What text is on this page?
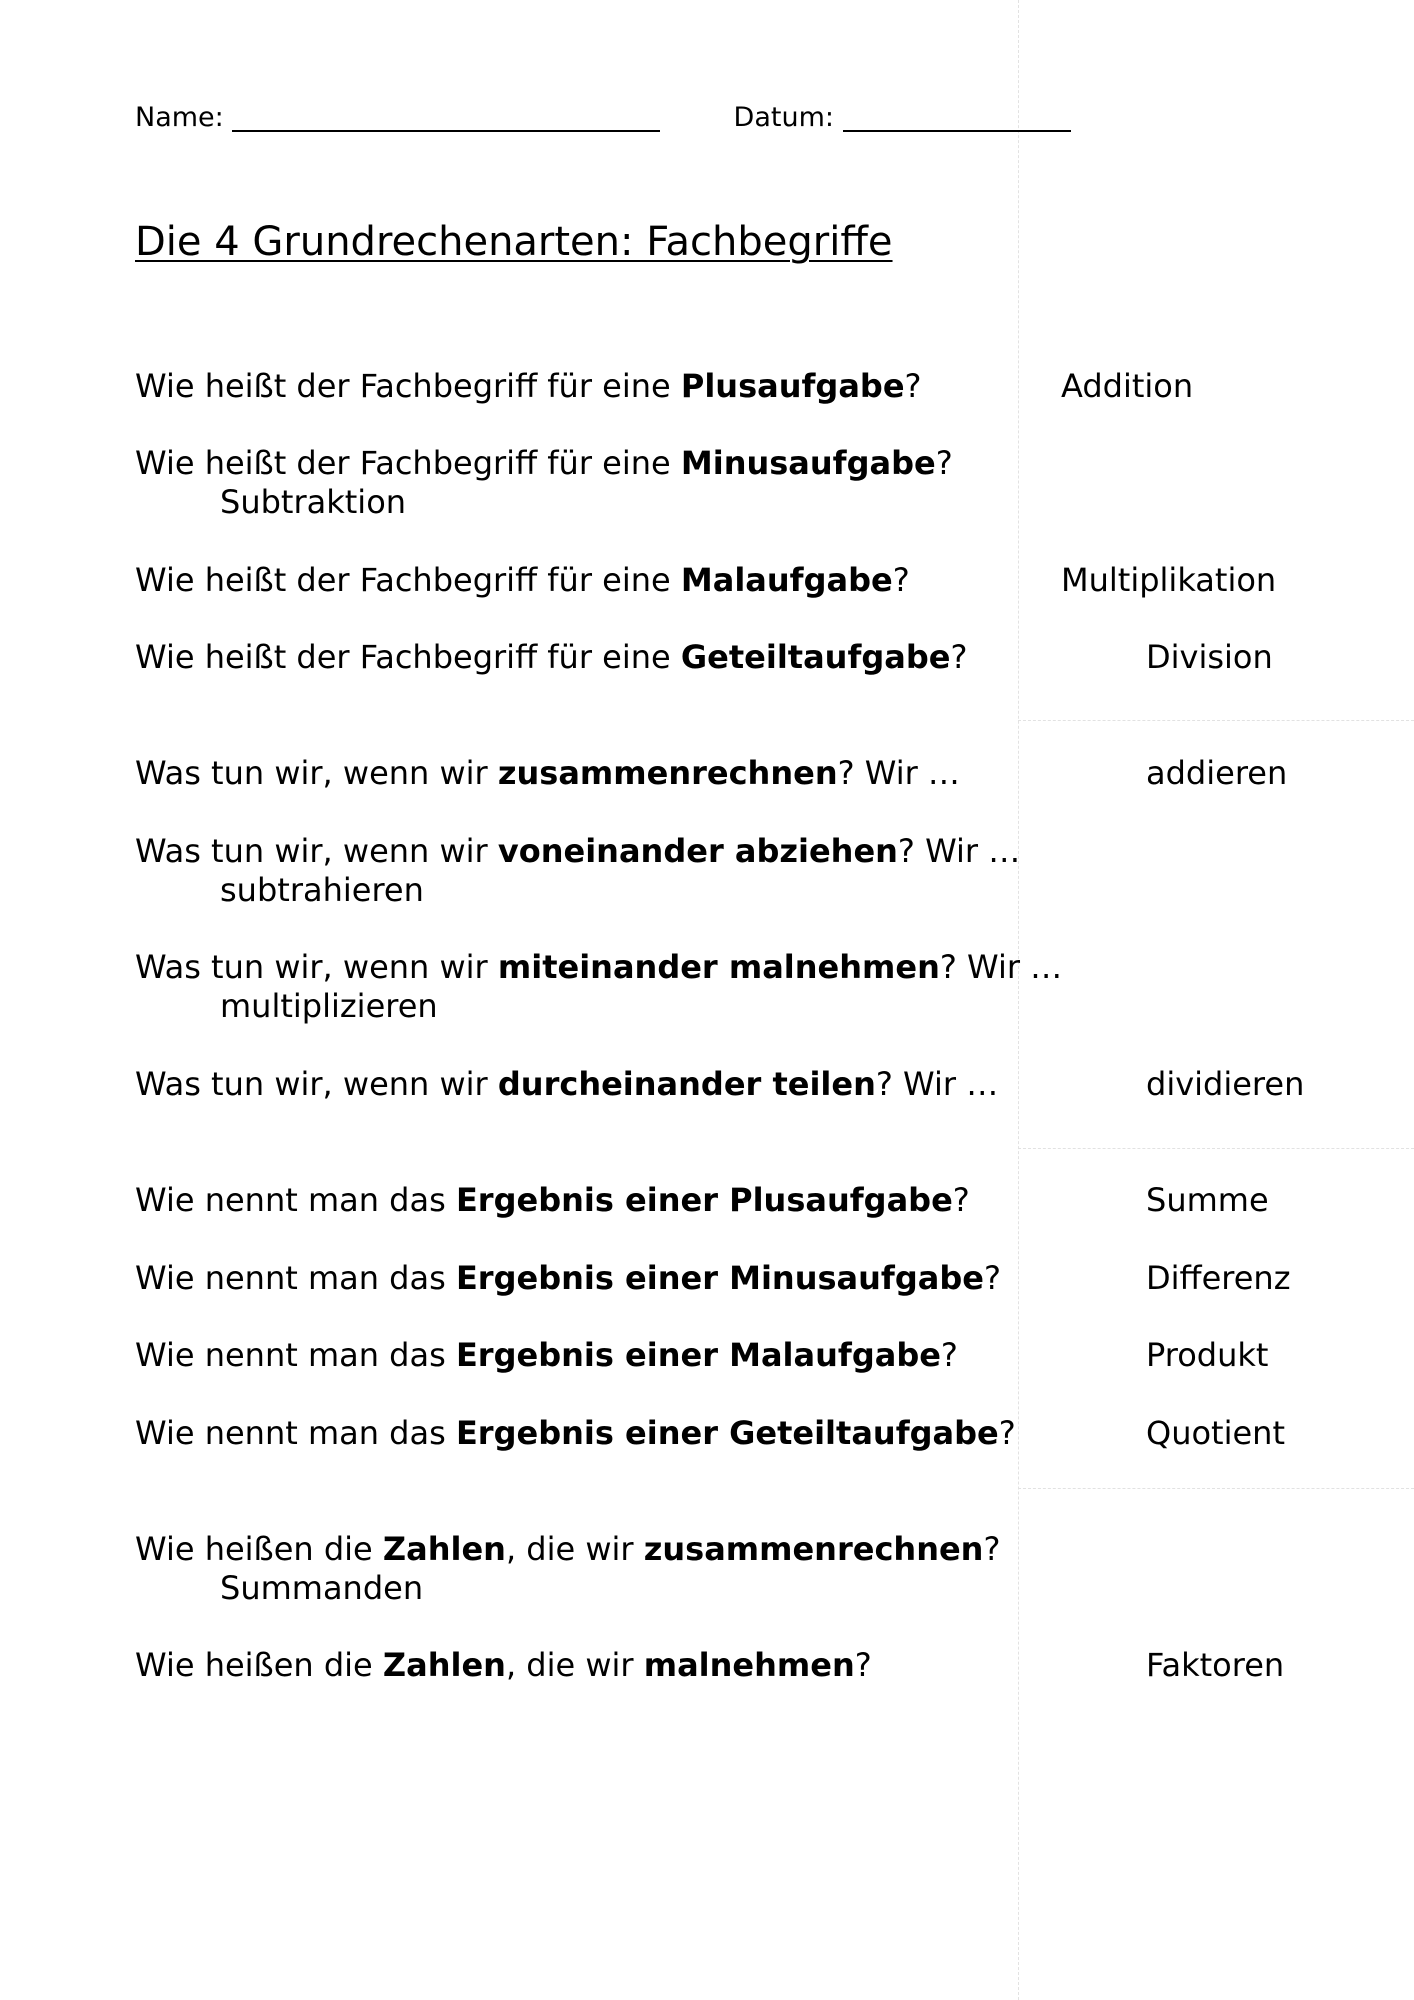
Name:	Datum:
Die 4 Grundrechenarten: Fachbegriffe
Wie heißt der Fachbegriff für eine Plusaufgabe?	Addition
Wie heißt der Fachbegriff für eine Minusaufgabe?
Subtraktion
Wie heißt der Fachbegriff für eine Malaufgabe?	Multiplikation
Wie heißt der Fachbegriff für eine Geteiltaufgabe?	Division
Was tun wir, wenn wir zusammenrechnen? Wir …	addieren
Was tun wir, wenn wir voneinander abziehen? Wir …
subtrahieren
Was tun wir, wenn wir miteinander malnehmen? Wir …
multiplizieren
Was tun wir, wenn wir durcheinander teilen? Wir …	dividieren
Wie nennt man das Ergebnis einer Plusaufgabe?	Summe
Wie nennt man das Ergebnis einer Minusaufgabe?	Differenz
Wie nennt man das Ergebnis einer Malaufgabe?	Produkt
Wie nennt man das Ergebnis einer Geteiltaufgabe?	Quotient
Wie heißen die Zahlen, die wir zusammenrechnen?
Summanden
Wie heißen die Zahlen, die wir malnehmen?	Faktoren
